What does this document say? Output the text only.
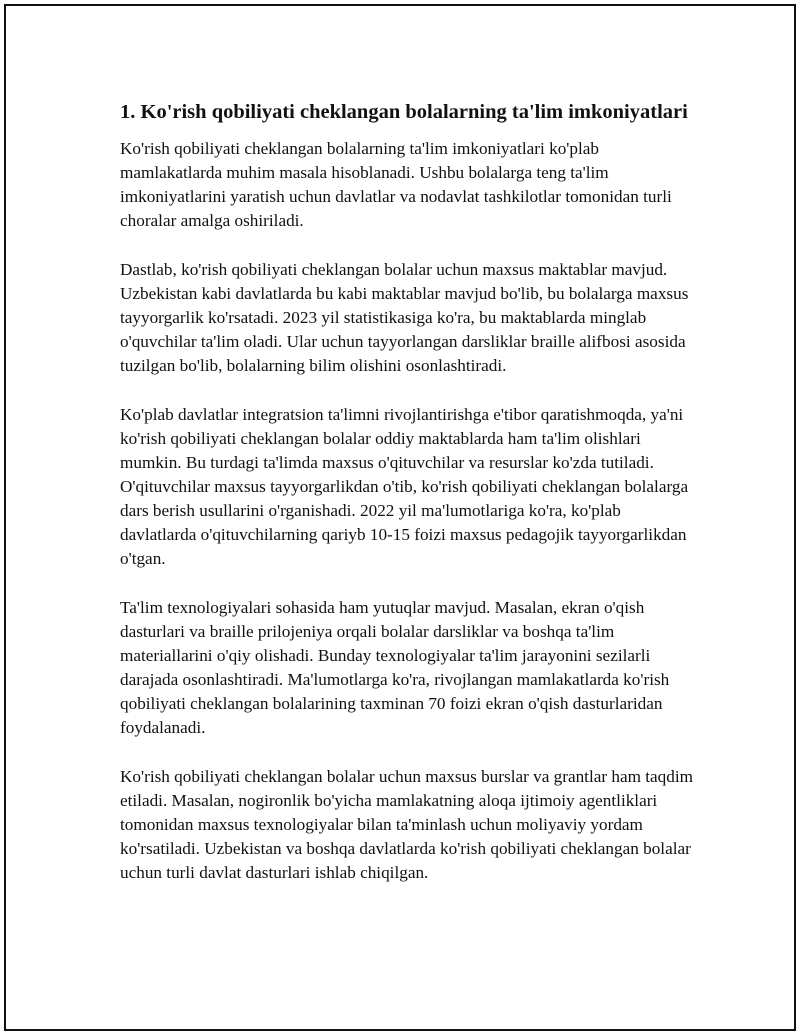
1. Ko'rish qobiliyati cheklangan bolalarning ta'lim imkoniyatlari

Ko'rish qobiliyati cheklangan bolalarning ta'lim imkoniyatlari ko'plab mamlakatlarda muhim masala hisoblanadi. Ushbu bolalarga teng ta'lim imkoniyatlarini yaratish uchun davlatlar va nodavlat tashkilotlar tomonidan turli choralar amalga oshiriladi.

Dastlab, ko'rish qobiliyati cheklangan bolalar uchun maxsus maktablar mavjud. Uzbekistan kabi davlatlarda bu kabi maktablar mavjud bo'lib, bu bolalarga maxsus tayyorgarlik ko'rsatadi. 2023 yil statistikasiga ko'ra, bu maktablarda minglab o'quvchilar ta'lim oladi. Ular uchun tayyorlangan darsliklar braille alifbosi asosida tuzilgan bo'lib, bolalarning bilim olishini osonlashtiradi.

Ko'plab davlatlar integratsion ta'limni rivojlantirishga e'tibor qaratishmoqda, ya'ni ko'rish qobiliyati cheklangan bolalar oddiy maktablarda ham ta'lim olishlari mumkin. Bu turdagi ta'limda maxsus o'qituvchilar va resurslar ko'zda tutiladi. O'qituvchilar maxsus tayyorgarlikdan o'tib, ko'rish qobiliyati cheklangan bolalarga dars berish usullarini o'rganishadi. 2022 yil ma'lumotlariga ko'ra, ko'plab davlatlarda o'qituvchilarning qariyb 10-15 foizi maxsus pedagojik tayyorgarlikdan o'tgan.

Ta'lim texnologiyalari sohasida ham yutuqlar mavjud. Masalan, ekran o'qish dasturlari va braille prilojeniya orqali bolalar darsliklar va boshqa ta'lim materiallarini o'qiy olishadi. Bunday texnologiyalar ta'lim jarayonini sezilarli darajada osonlashtiradi. Ma'lumotlarga ko'ra, rivojlangan mamlakatlarda ko'rish qobiliyati cheklangan bolalarining taxminan 70 foizi ekran o'qish dasturlaridan foydalanadi.

Ko'rish qobiliyati cheklangan bolalar uchun maxsus burslar va grantlar ham taqdim etiladi. Masalan, nogironlik bo'yicha mamlakatning aloqa ijtimoiy agentliklari tomonidan maxsus texnologiyalar bilan ta'minlash uchun moliyaviy yordam ko'rsatiladi. Uzbekistan va boshqa davlatlarda ko'rish qobiliyati cheklangan bolalar uchun turli davlat dasturlari ishlab chiqilgan.
